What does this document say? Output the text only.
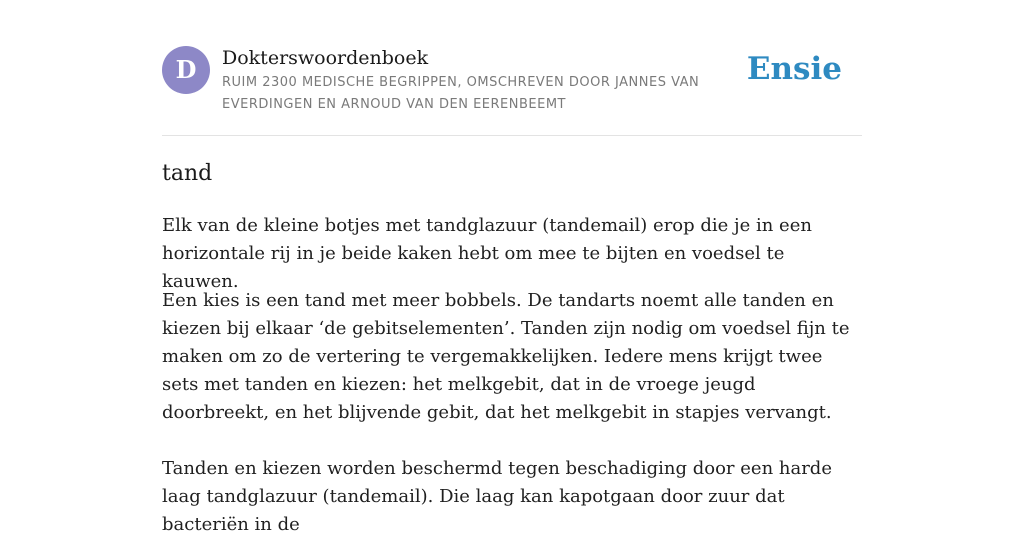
D	Dokterswoordenboek
RUIM 2300 MEDISCHE BEGRIPPEN, OMSCHREVEN DOOR JANNES VAN EVERDINGEN EN ARNOUD VAN DEN EERENBEEMT
Ensie
tand

Elk van de kleine botjes met tandglazuur (tandemail) erop die je in een horizontale rij in je beide kaken hebt om mee te bijten en voedsel te kauwen.

Een kies is een tand met meer bobbels. De tandarts noemt alle tanden en kiezen bij elkaar ‘de gebitselementen’. Tanden zijn nodig om voedsel fijn te maken om zo de vertering te vergemakkelijken. Iedere mens krijgt twee sets met tanden en kiezen: het melkgebit, dat in de vroege jeugd doorbreekt, en het blijvende gebit, dat het melkgebit in stapjes vervangt.

Tanden en kiezen worden beschermd tegen beschadiging door een harde laag tandglazuur (tandemail). Die laag kan kapotgaan door zuur dat bacteriën in de
